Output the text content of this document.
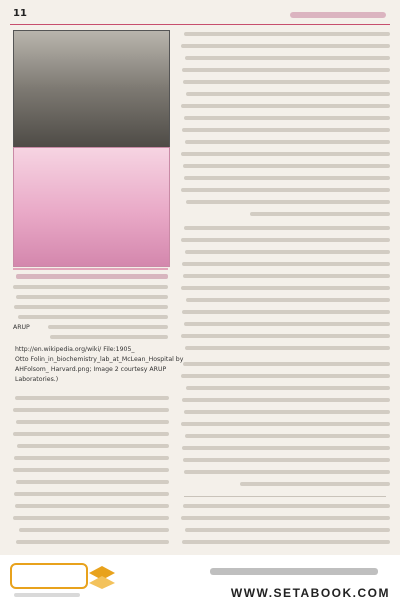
11
ARUP
http://en.wikipedia.org/wiki/ File:1905_
Otto Folin_in_biochemistry_lab_at_McLean_Hospital by
AHFolsom_ Harvard.png; Image 2 courtesy ARUP
Laboratories.)
WWW.SETABOOK.COM
